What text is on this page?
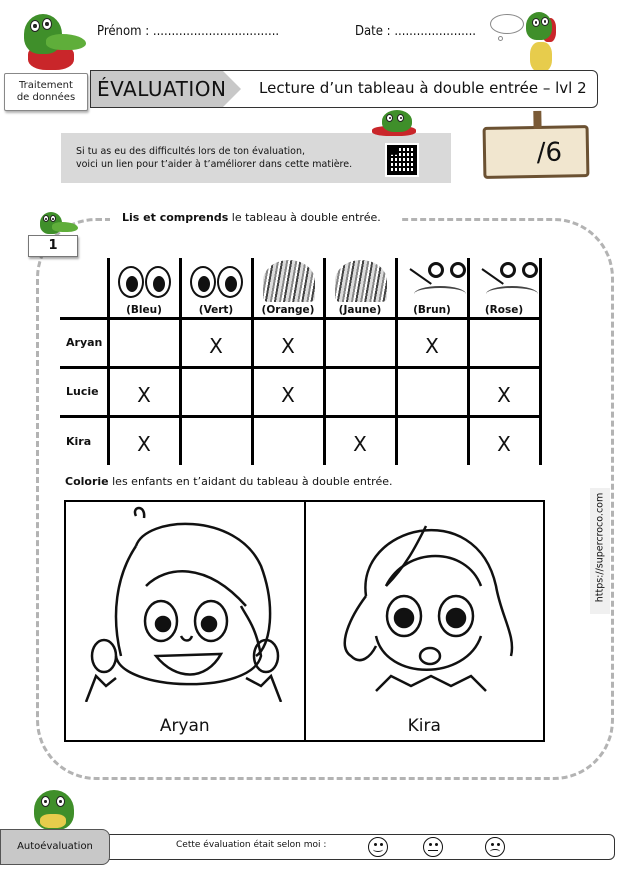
Traitement
de données
Prénom : ..................................	Date : ......................
ÉVALUATION Lecture d’un tableau à double entrée – lvl 2
Si tu as eu des difficultés lors de ton évaluation,
voici un lien pour t’aider à t’améliorer dans cette matière.	/6
1
Lis et comprends le tableau à double entrée.

	(Bleu)	(Vert)	(Orange)	(Jaune)	(Brun)	(Rose)

Aryan		X	X		X	
Lucie	X		X			X
Kira	X			X		X
Colorie les enfants en t’aidant du tableau à double entrée.
Aryan	Kira
https://supercroco.com
Autoévaluation	Cette évaluation était selon moi :
